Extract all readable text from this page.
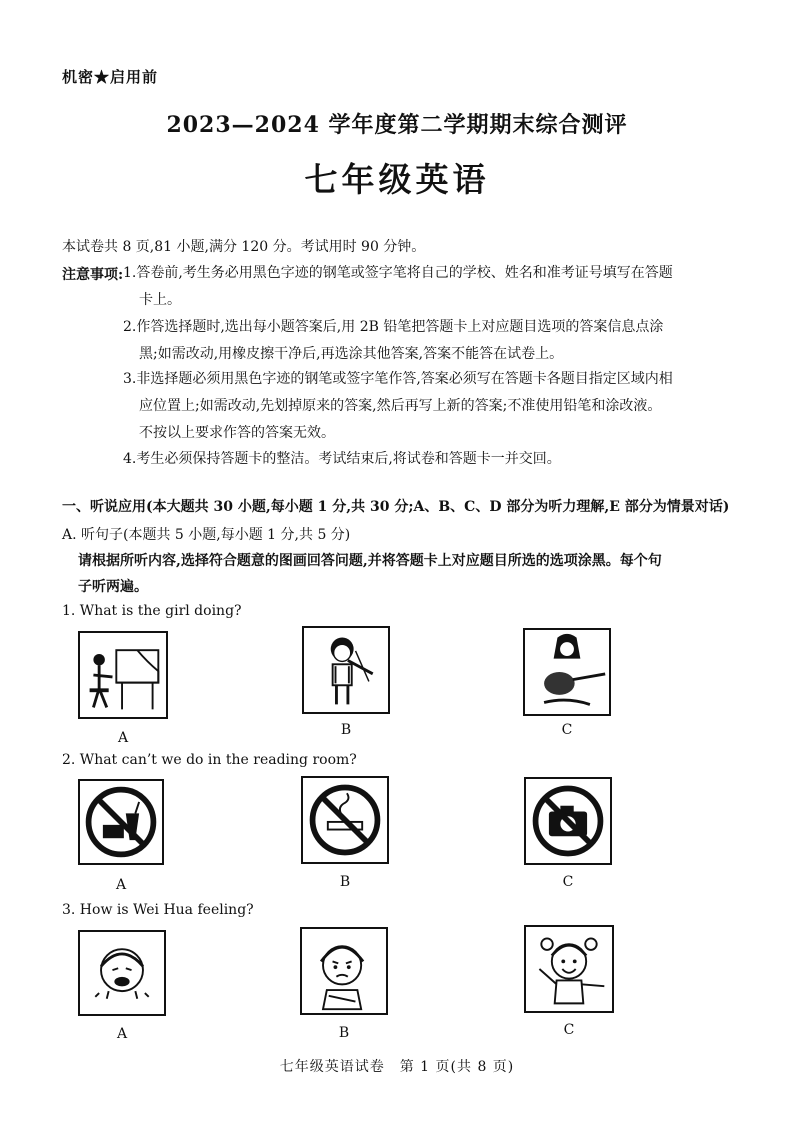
机密★启用前
2023—2024 学年度第二学期期末综合测评
七年级英语
本试卷共 8 页,81 小题,满分 120 分。考试用时 90 分钟。
注意事项: 1.答卷前,考生务必用黑色字迹的钢笔或签字笔将自己的学校、姓名和准考证号填写在答题
卡上。
2.作答选择题时,选出每小题答案后,用 2B 铅笔把答题卡上对应题目选项的答案信息点涂
黑;如需改动,用橡皮擦干净后,再选涂其他答案,答案不能答在试卷上。
3.非选择题必须用黑色字迹的钢笔或签字笔作答,答案必须写在答题卡各题目指定区域内相
应位置上;如需改动,先划掉原来的答案,然后再写上新的答案;不准使用铅笔和涂改液。
不按以上要求作答的答案无效。
4.考生必须保持答题卡的整洁。考试结束后,将试卷和答题卡一并交回。
一、听说应用(本大题共 30 小题,每小题 1 分,共 30 分;A、B、C、D 部分为听力理解,E 部分为情景对话)
A. 听句子(本题共 5 小题,每小题 1 分,共 5 分)
请根据所听内容,选择符合题意的图画回答问题,并将答题卡上对应题目所选的选项涂黑。每个句
子听两遍。
1. What is the girl doing?
A	B	C
2. What can’t we do in the reading room?
A	B	C
3. How is Wei Hua feeling?
A	B	C
七年级英语试卷　第 1 页(共 8 页)
